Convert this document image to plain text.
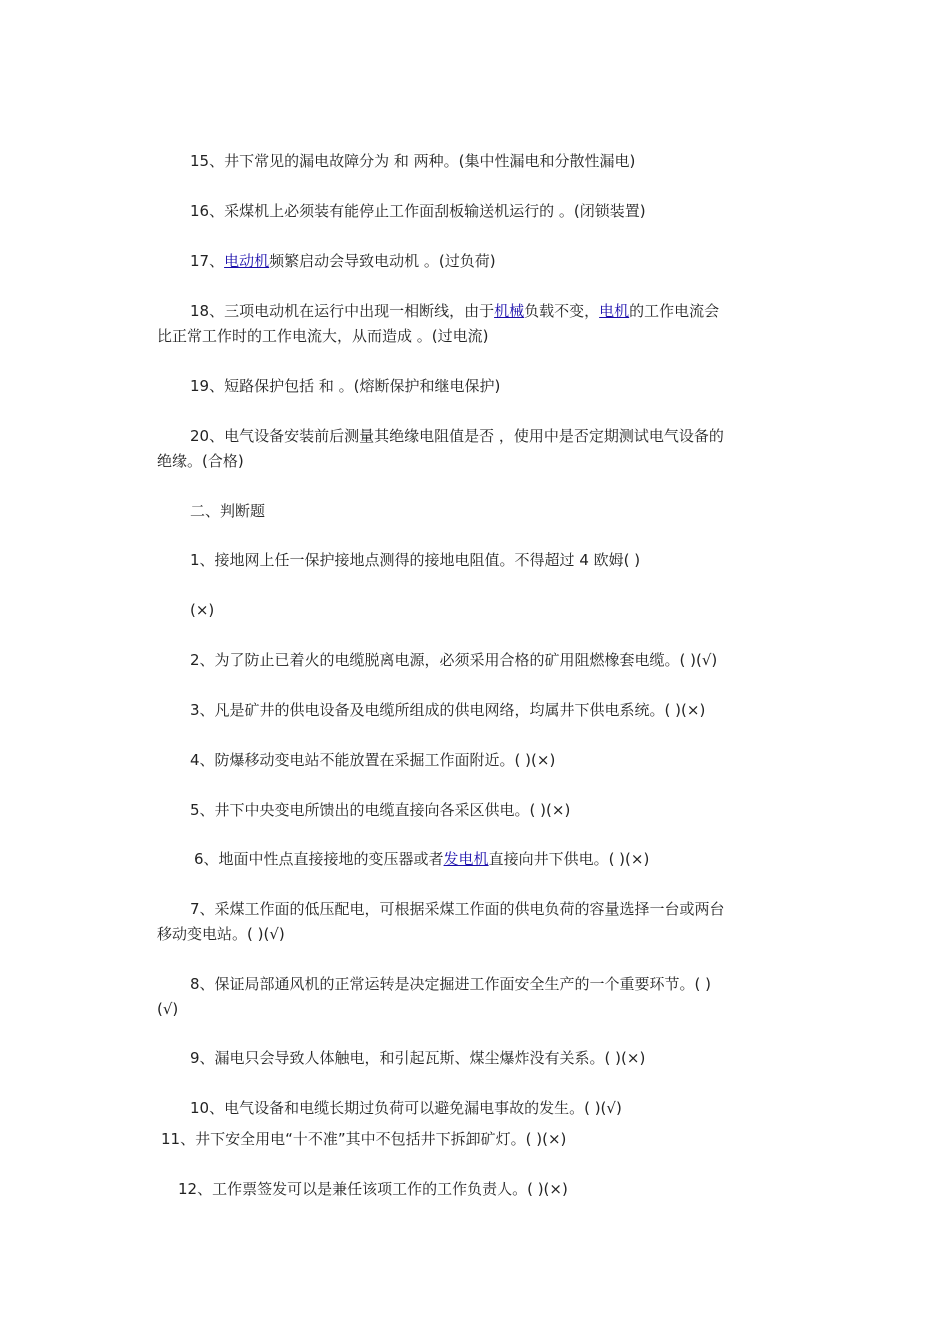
15、井下常见的漏电故障分为 和 两种。(集中性漏电和分散性漏电)
16、采煤机上必须装有能停止工作面刮板输送机运行的 。(闭锁装置)
17、电动机频繁启动会导致电动机 。(过负荷)
18、三项电动机在运行中出现一相断线，由于机械负载不变，电机的工作电流会
比正常工作时的工作电流大，从而造成 。(过电流)
19、短路保护包括 和 。(熔断保护和继电保护)
20、电气设备安装前后测量其绝缘电阻值是否 ，使用中是否定期测试电气设备的
绝缘。(合格)
二、判断题
1、接地网上任一保护接地点测得的接地电阻值。不得超过 4 欧姆( )
(×)
2、为了防止已着火的电缆脱离电源，必须采用合格的矿用阻燃橡套电缆。( )(√)
3、凡是矿井的供电设备及电缆所组成的供电网络，均属井下供电系统。( )(×)
4、防爆移动变电站不能放置在采掘工作面附近。( )(×)
5、井下中央变电所馈出的电缆直接向各采区供电。( )(×)
6、地面中性点直接接地的变压器或者发电机直接向井下供电。( )(×)
7、采煤工作面的低压配电，可根据采煤工作面的供电负荷的容量选择一台或两台
移动变电站。( )(√)
8、保证局部通风机的正常运转是决定掘进工作面安全生产的一个重要环节。( )
(√)
9、漏电只会导致人体触电，和引起瓦斯、煤尘爆炸没有关系。( )(×)
10、电气设备和电缆长期过负荷可以避免漏电事故的发生。( )(√)
11、井下安全用电“十不准”其中不包括井下拆卸矿灯。( )(×)
12、工作票签发可以是兼任该项工作的工作负责人。( )(×)
